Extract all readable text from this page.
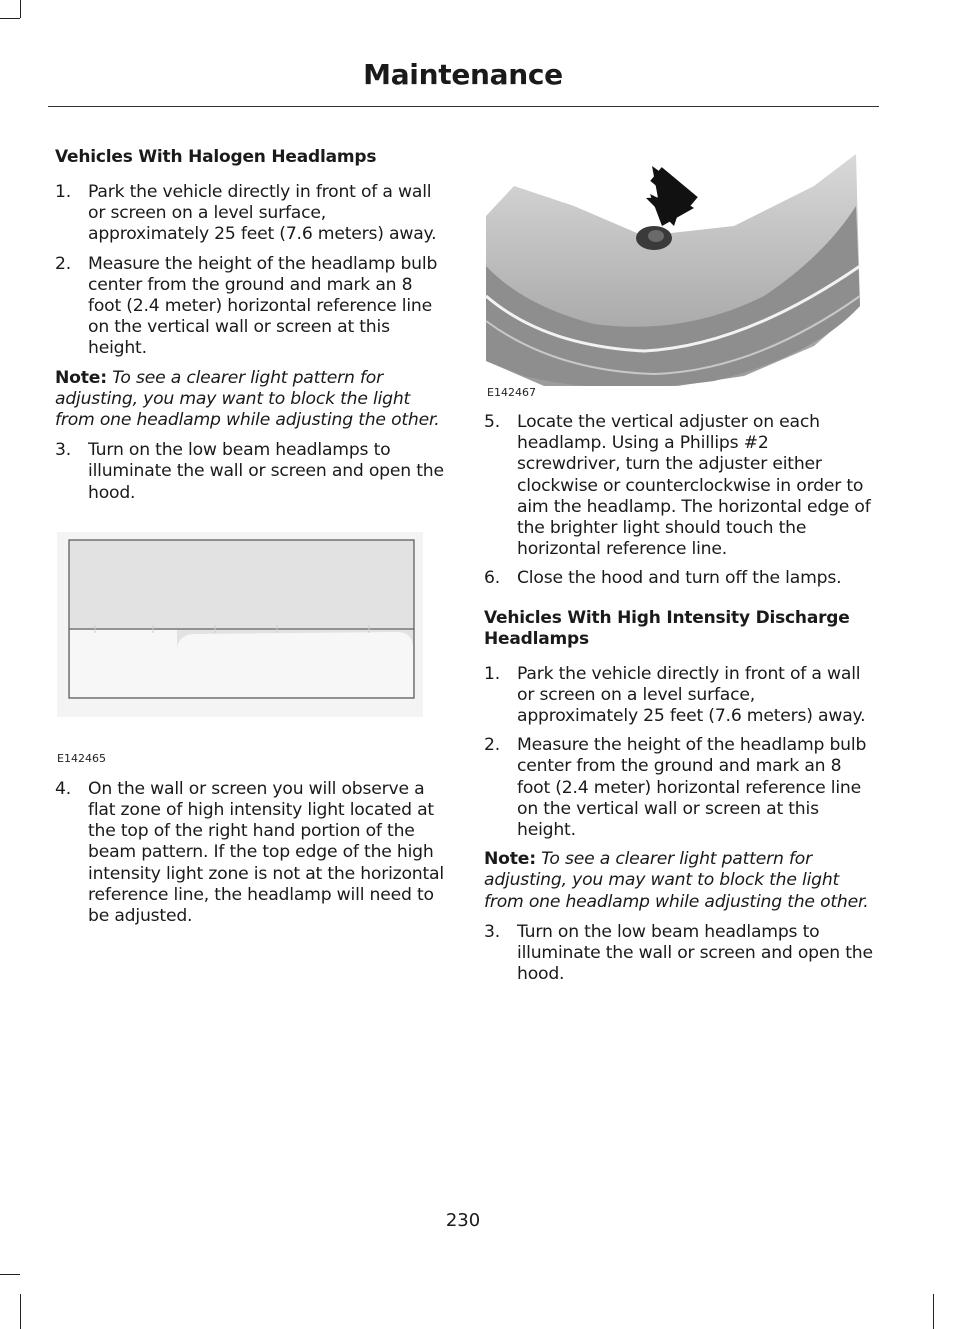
Maintenance
Vehicles With Halogen Headlamps
1. Park the vehicle directly in front of a wall or screen on a level surface, approximately 25 feet (7.6 meters) away.
2. Measure the height of the headlamp bulb center from the ground and mark an 8 foot (2.4 meter) horizontal reference line on the vertical wall or screen at this height.
Note: To see a clearer light pattern for adjusting, you may want to block the light from one headlamp while adjusting the other.
3. Turn on the low beam headlamps to illuminate the wall or screen and open the hood.
E142465
4. On the wall or screen you will observe a flat zone of high intensity light located at the top of the right hand portion of the beam pattern. If the top edge of the high intensity light zone is not at the horizontal reference line, the headlamp will need to be adjusted.
E142467
5. Locate the vertical adjuster on each headlamp. Using a Phillips #2 screwdriver, turn the adjuster either clockwise or counterclockwise in order to aim the headlamp. The horizontal edge of the brighter light should touch the horizontal reference line.
6. Close the hood and turn off the lamps.
Vehicles With High Intensity Discharge Headlamps
1. Park the vehicle directly in front of a wall or screen on a level surface, approximately 25 feet (7.6 meters) away.
2. Measure the height of the headlamp bulb center from the ground and mark an 8 foot (2.4 meter) horizontal reference line on the vertical wall or screen at this height.
Note: To see a clearer light pattern for adjusting, you may want to block the light from one headlamp while adjusting the other.
3. Turn on the low beam headlamps to illuminate the wall or screen and open the hood.
230
